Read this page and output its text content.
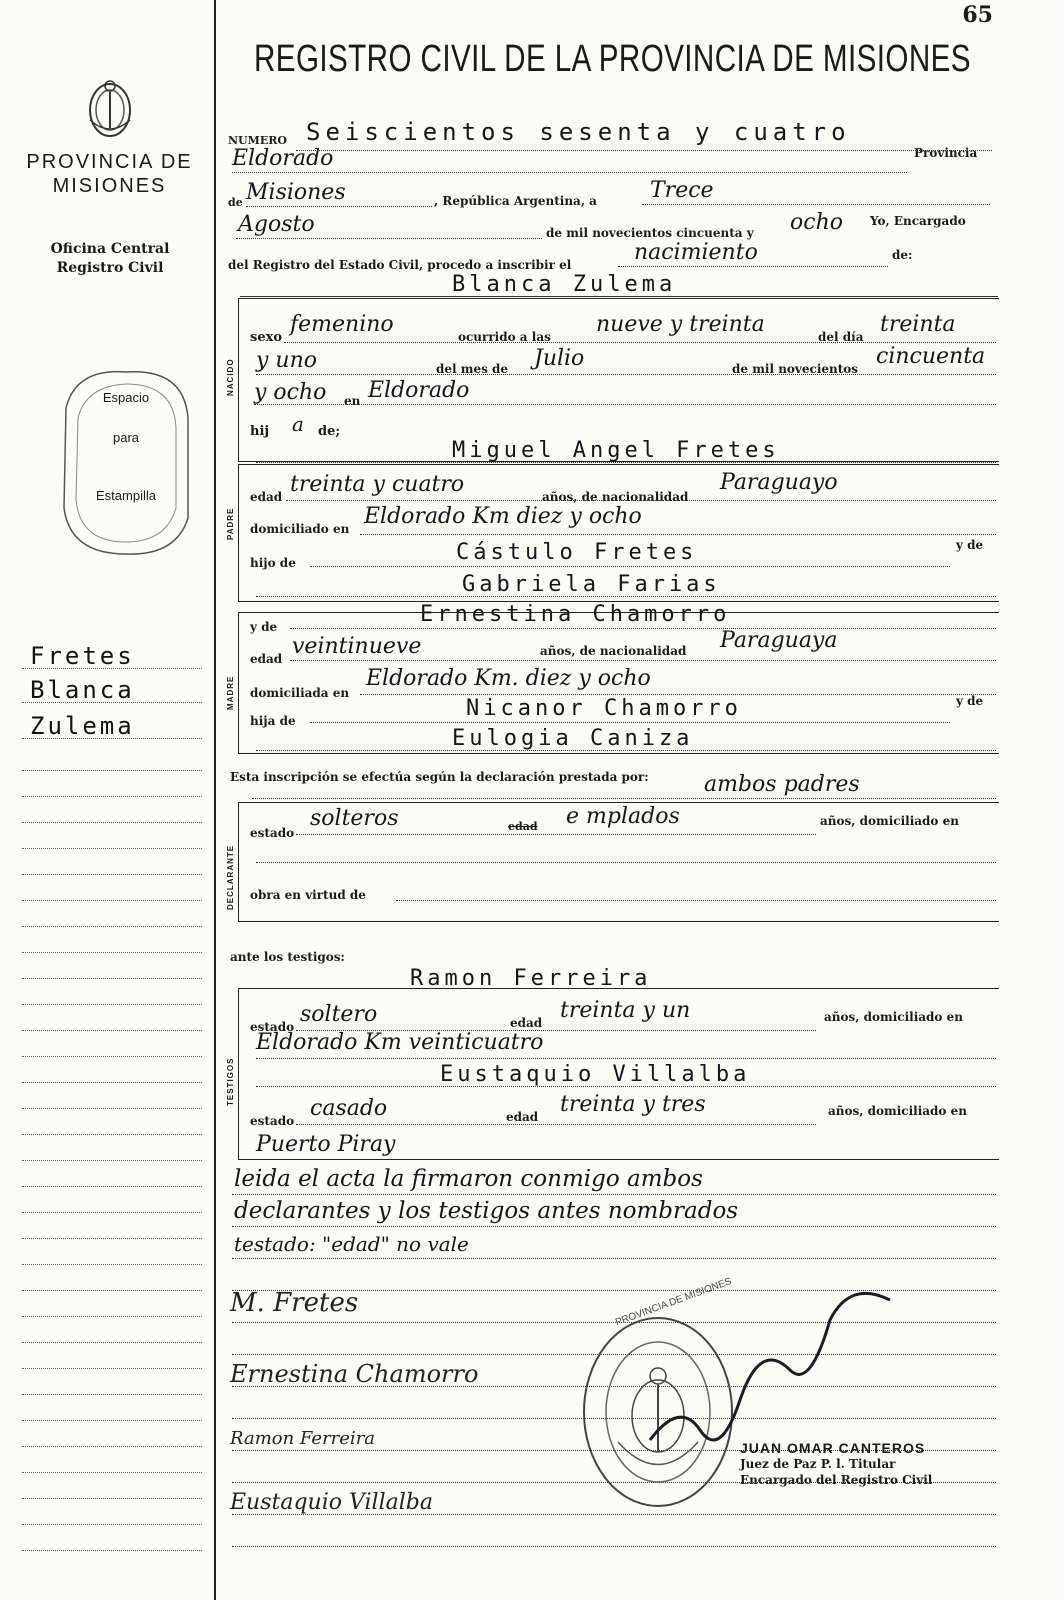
65
PROVINCIA DE
MISIONES
Oficina Central
Registro Civil
Espacio
para
Estampilla
Fretes
Blanca
Zulema
REGISTRO CIVIL DE LA PROVINCIA DE MISIONES
NUMERO Seiscientos sesenta y cuatro
Eldorado	Provincia
de Misiones	, República Argentina, a Trece
Agosto	de mil novecientos cincuenta y ocho Yo, Encargado
del Registro del Estado Civil, procedo a inscribir el	nacimiento	de:
NACIDO
Blanca Zulema
sexo
femenino	ocurrido a las nueve y treinta	del día treinta
y uno	del mes de Julio	de mil novecientos cincuenta
y ocho en Eldorado
hij a de;
Miguel Angel Fretes
PADRE
edad treinta y cuatro	años, de nacionalidad
Paraguayo
domiciliado en Eldorado Km diez y ocho
hijo de	Cástulo Fretes	y de
Gabriela Farias
MADRE
y de	Ernestina Chamorro
edad veintinueve	años, de nacionalidad Paraguaya
domiciliada en
Eldorado Km. diez y ocho
hija de	Nicanor Chamorro	y de
Eulogia Caniza
Esta inscripción se efectúa según la declaración prestada por:	ambos padres
DECLARANTE
estado
solteros	edad e mplados	años, domiciliado en
obra en virtud de
ante los testigos:
Ramon Ferreira
TESTIGOS
estado soltero	edad treinta y un	años, domiciliado en
Eldorado Km veinticuatro
Eustaquio Villalba
estado casado	edad treinta y tres	años, domiciliado en
Puerto Piray
leida el acta la firmaron conmigo ambos
declarantes y los testigos antes nombrados
testado: "edad" no vale
M. Fretes
Ernestina Chamorro
Ramon Ferreira
Eustaquio Villalba
PROVINCIA DE MISIONES
JUAN OMAR CANTEROS
Juez de Paz P. l. Titular
Encargado del Registro Civil
